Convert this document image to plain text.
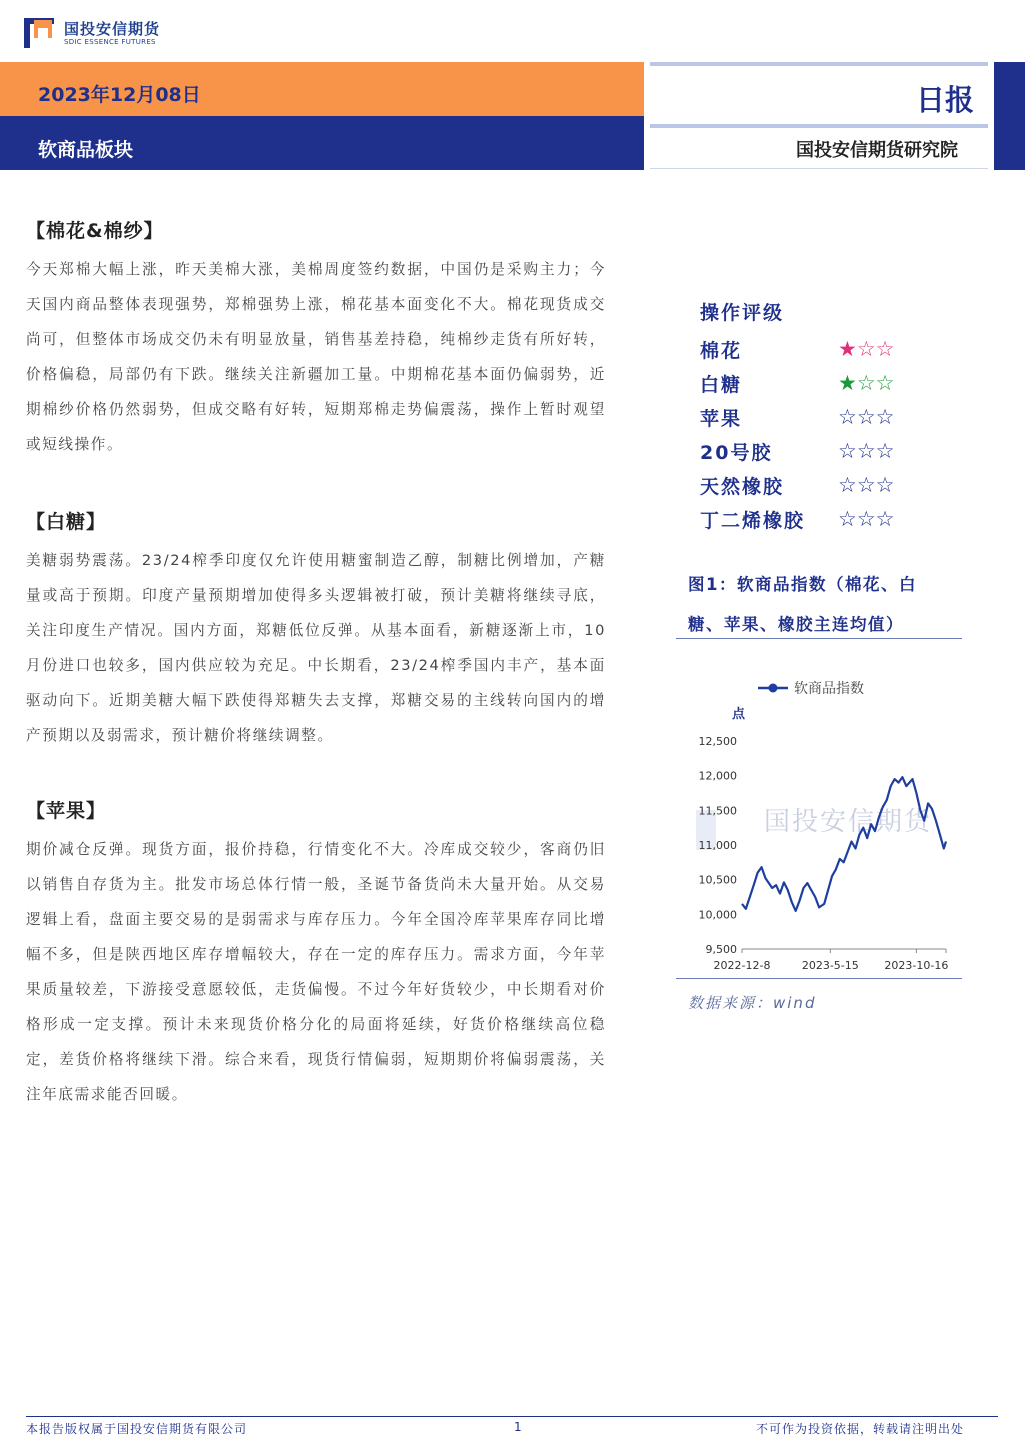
国投安信期货
SDIC ESSENCE FUTURES
2023年12月08日
软商品板块
日报
国投安信期货研究院
【棉花&棉纱】
今天郑棉大幅上涨，昨天美棉大涨，美棉周度签约数据，中国仍是采购主力；今天国内商品整体表现强势，郑棉强势上涨，棉花基本面变化不大。棉花现货成交尚可，但整体市场成交仍未有明显放量，销售基差持稳，纯棉纱走货有所好转，价格偏稳，局部仍有下跌。继续关注新疆加工量。中期棉花基本面仍偏弱势，近期棉纱价格仍然弱势，但成交略有好转，短期郑棉走势偏震荡，操作上暂时观望或短线操作。
【白糖】
美糖弱势震荡。23/24榨季印度仅允许使用糖蜜制造乙醇，制糖比例增加，产糖量或高于预期。印度产量预期增加使得多头逻辑被打破，预计美糖将继续寻底，关注印度生产情况。国内方面，郑糖低位反弹。从基本面看，新糖逐渐上市，10月份进口也较多，国内供应较为充足。中长期看，23/24榨季国内丰产，基本面驱动向下。近期美糖大幅下跌使得郑糖失去支撑，郑糖交易的主线转向国内的增产预期以及弱需求，预计糖价将继续调整。
【苹果】
期价减仓反弹。现货方面，报价持稳，行情变化不大。冷库成交较少，客商仍旧以销售自存货为主。批发市场总体行情一般，圣诞节备货尚未大量开始。从交易逻辑上看，盘面主要交易的是弱需求与库存压力。今年全国冷库苹果库存同比增幅不多，但是陕西地区库存增幅较大，存在一定的库存压力。需求方面，今年苹果质量较差，下游接受意愿较低，走货偏慢。不过今年好货较少，中长期看对价格形成一定支撑。预计未来现货价格分化的局面将延续，好货价格继续高位稳定，差货价格将继续下滑。综合来看，现货行情偏弱，短期期价将偏弱震荡，关注年底需求能否回暖。
操作评级
棉花	★☆☆
白糖	★☆☆
苹果	☆☆☆
20号胶	☆☆☆
天然橡胶	☆☆☆
丁二烯橡胶	☆☆☆
图1：软商品指数（棉花、白糖、苹果、橡胶主连均值）
国投安信期货
软商品指数
点
12,500
12,000
11,500
11,000
10,500
10,000
9,500
2022-12-8	2023-5-15 2023-10-16
数据来源：wind
本报告版权属于国投安信期货有限公司	1	不可作为投资依据，转载请注明出处
